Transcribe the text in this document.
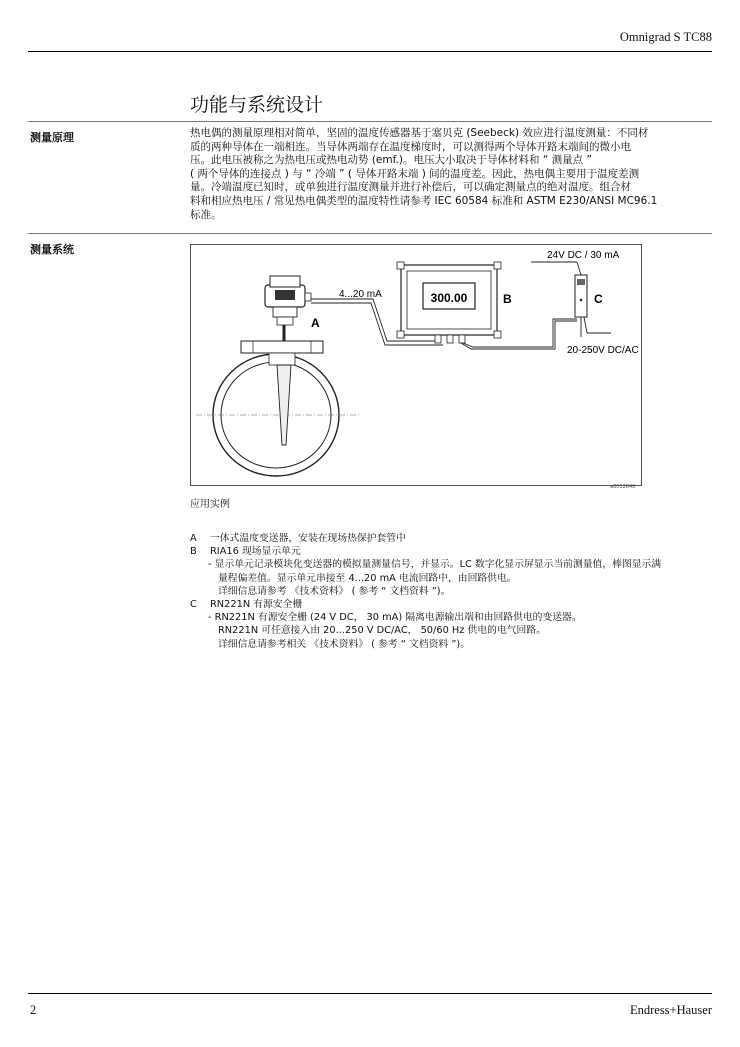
Omnigrad S TC88
功能与系统设计
测量原理	热电偶的测量原理相对简单，坚固的温度传感器基于塞贝克 (Seebeck) 效应进行温度测量：不同材
质的两种导体在一端相连。当导体两端存在温度梯度时，可以测得两个导体开路末端间的微小电
压。此电压被称之为热电压或热电动势 (emf.)。电压大小取决于导体材料和 “ 测量点 ”
( 两个导体的连接点 ) 与 “ 冷端 ” ( 导体开路末端 ) 间的温度差。因此，热电偶主要用于温度差测
量。冷端温度已知时，或单独进行温度测量并进行补偿后，可以确定测量点的绝对温度。组合材
料和相应热电压 / 常见热电偶类型的温度特性请参考 IEC 60584 标准和 ASTM E230/ANSI MC96.1
标准。
测量系统
300.00
A
B	C
4...20 mA
24V DC / 30 mA
20-250V DC/AC
a0012640
应用实例
A 一体式温度变送器，安装在现场热保护套管中
B RIA16 现场显示单元
- 显示单元记录模块化变送器的模拟量测量信号，并显示。LC 数字化显示屏显示当前测量值，棒图显示满
量程偏差值。显示单元串接至 4...20 mA 电流回路中，由回路供电。
详细信息请参考 《技术资料》 ( 参考 “ 文档资料 ”)。
C RN221N 有源安全栅
- RN221N 有源安全栅 (24 V DC， 30 mA) 隔离电源输出端和由回路供电的变送器。
RN221N 可任意接入由 20...250 V DC/AC， 50/60 Hz 供电的电气回路。
详细信息请参考相关 《技术资料》 ( 参考 “ 文档资料 ”)。
2	Endress+Hauser
